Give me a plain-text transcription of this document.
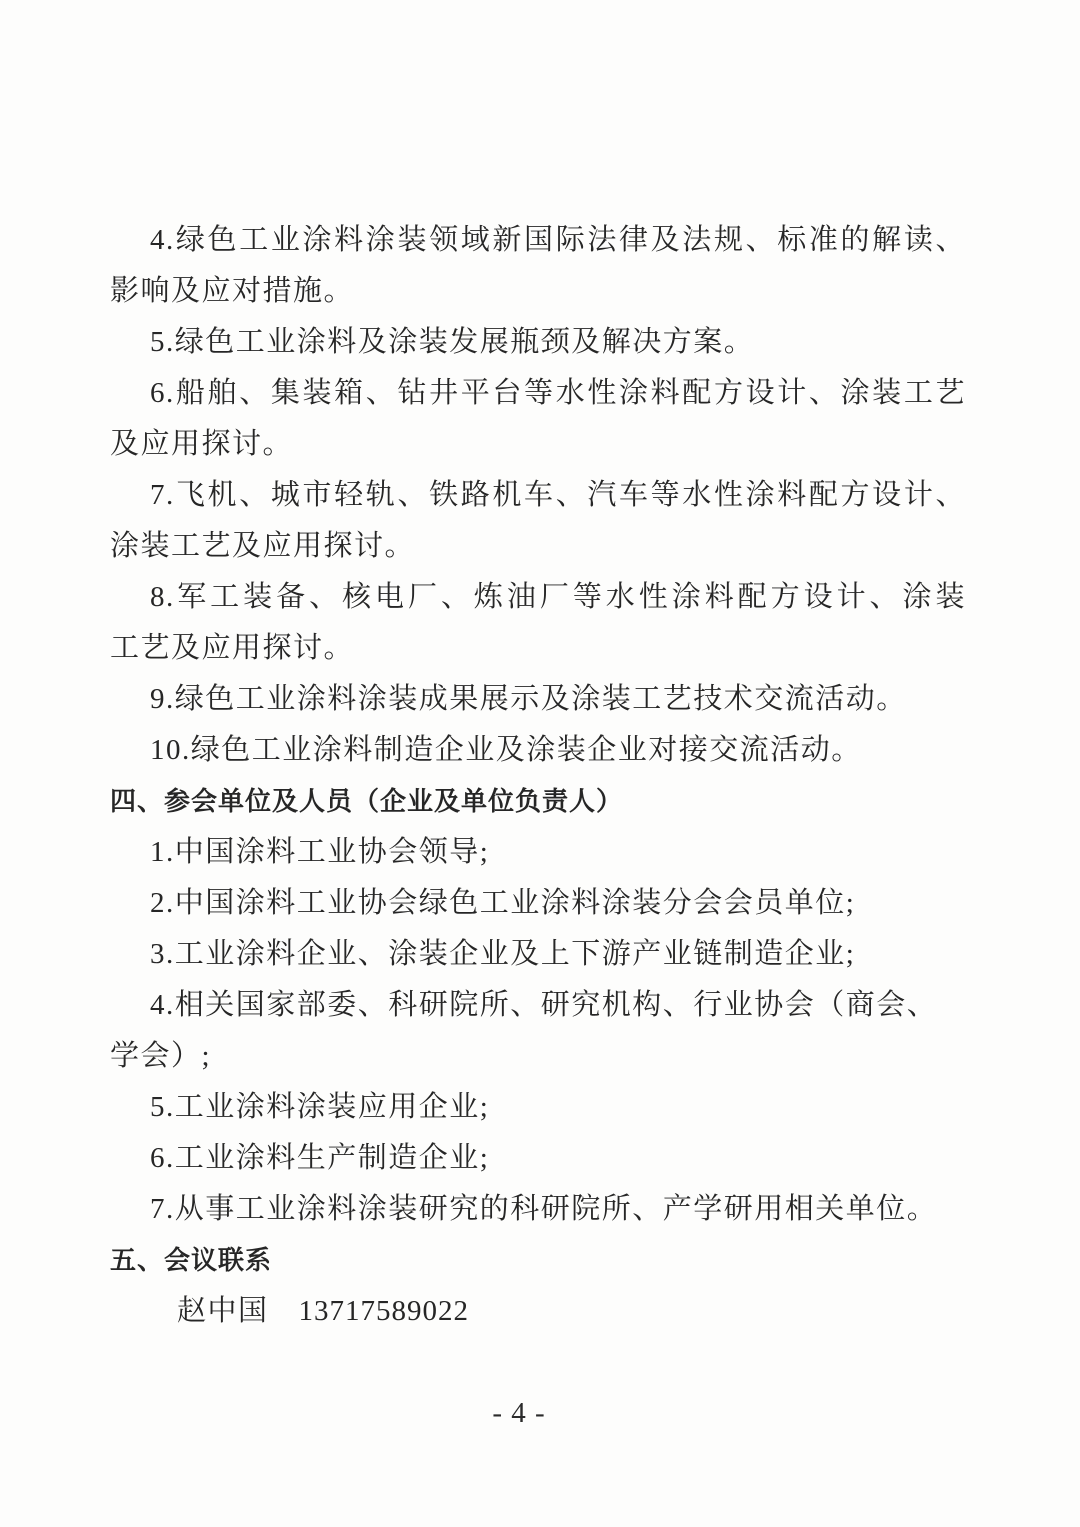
4.绿色工业涂料涂装领域新国际法律及法规、标准的解读、
影响及应对措施。
5.绿色工业涂料及涂装发展瓶颈及解决方案。
6.船舶、集装箱、钻井平台等水性涂料配方设计、涂装工艺
及应用探讨。
7.飞机、城市轻轨、铁路机车、汽车等水性涂料配方设计、
涂装工艺及应用探讨。
8.军工装备、核电厂、炼油厂等水性涂料配方设计、涂装
工艺及应用探讨。
9.绿色工业涂料涂装成果展示及涂装工艺技术交流活动。
10.绿色工业涂料制造企业及涂装企业对接交流活动。
四、参会单位及人员（企业及单位负责人）
1.中国涂料工业协会领导;
2.中国涂料工业协会绿色工业涂料涂装分会会员单位;
3.工业涂料企业、涂装企业及上下游产业链制造企业;
4.相关国家部委、科研院所、研究机构、行业协会（商会、
学会）;
5.工业涂料涂装应用企业;
6.工业涂料生产制造企业;
7.从事工业涂料涂装研究的科研院所、产学研用相关单位。
五、会议联系
赵中国 13717589022
- 4 -
